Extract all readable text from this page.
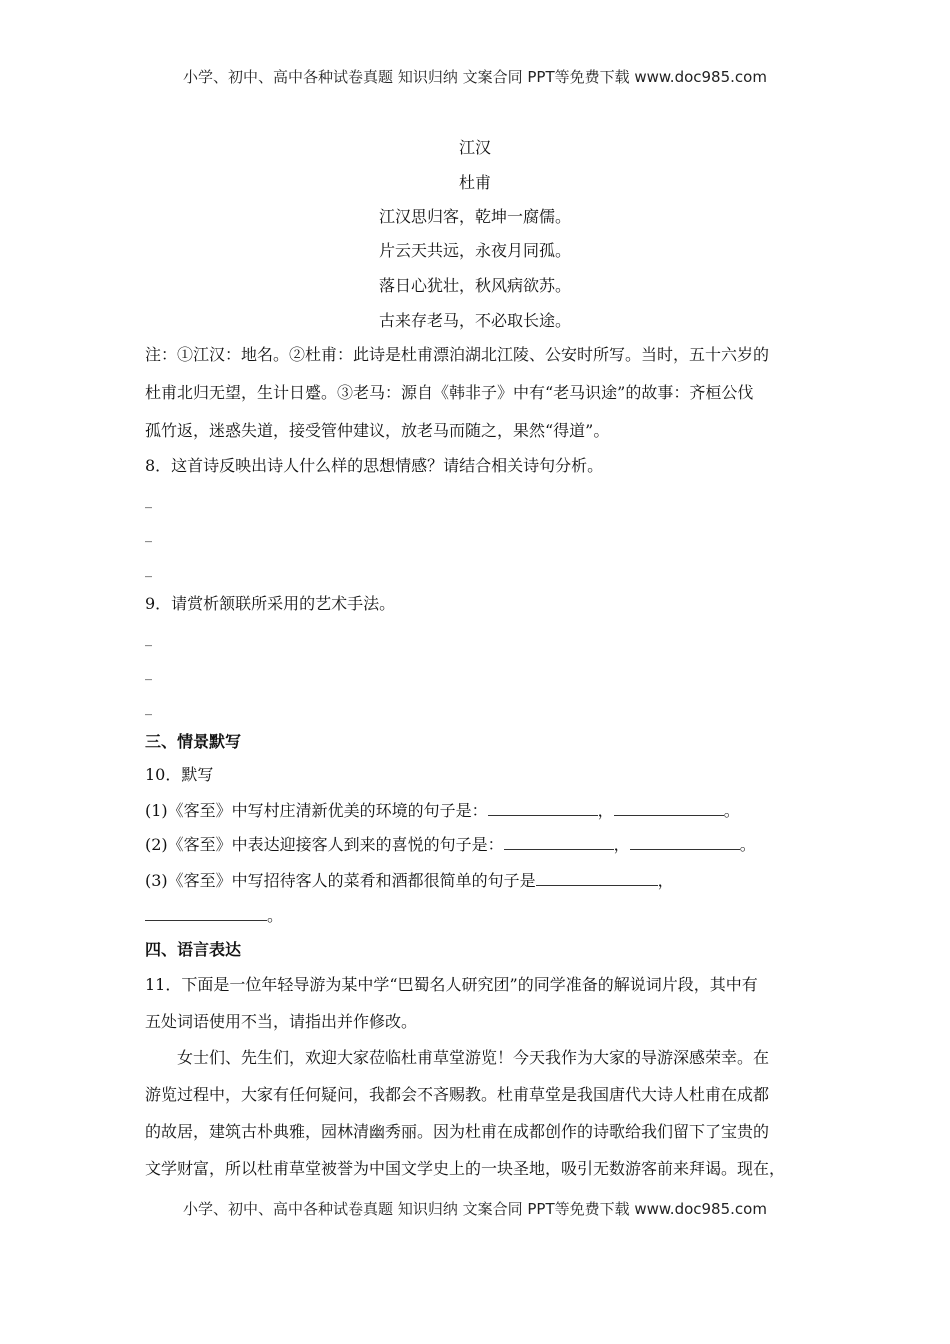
小学、初中、高中各种试卷真题 知识归纳 文案合同 PPT等免费下载 www.doc985.com
江汉
杜甫
江汉思归客，乾坤一腐儒。
片云天共远，永夜月同孤。
落日心犹壮，秋风病欲苏。
古来存老马，不必取长途。
注：①江汉：地名。②杜甫：此诗是杜甫漂泊湖北江陵、公安时所写。当时，五十六岁的
杜甫北归无望，生计日蹙。③老马：源自《韩非子》中有“老马识途”的故事：齐桓公伐
孤竹返，迷惑失道，接受管仲建议，放老马而随之，果然“得道”。
8．这首诗反映出诗人什么样的思想情感？请结合相关诗句分析。
_
_
_
9．请赏析颔联所采用的艺术手法。
_
_
_
三、情景默写
10．默写
(1)《客至》中写村庄清新优美的环境的句子是：	，	。
(2)《客至》中表达迎接客人到来的喜悦的句子是：	，	。
(3)《客至》中写招待客人的菜肴和酒都很简单的句子是	，
。
四、语言表达
11．下面是一位年轻导游为某中学“巴蜀名人研究团”的同学准备的解说词片段，其中有
五处词语使用不当，请指出并作修改。
女士们、先生们，欢迎大家莅临杜甫草堂游览！今天我作为大家的导游深感荣幸。在
游览过程中，大家有任何疑问，我都会不吝赐教。杜甫草堂是我国唐代大诗人杜甫在成都
的故居，建筑古朴典雅，园林清幽秀丽。因为杜甫在成都创作的诗歌给我们留下了宝贵的
文学财富，所以杜甫草堂被誉为中国文学史上的一块圣地，吸引无数游客前来拜谒。现在，
小学、初中、高中各种试卷真题 知识归纳 文案合同 PPT等免费下载 www.doc985.com
